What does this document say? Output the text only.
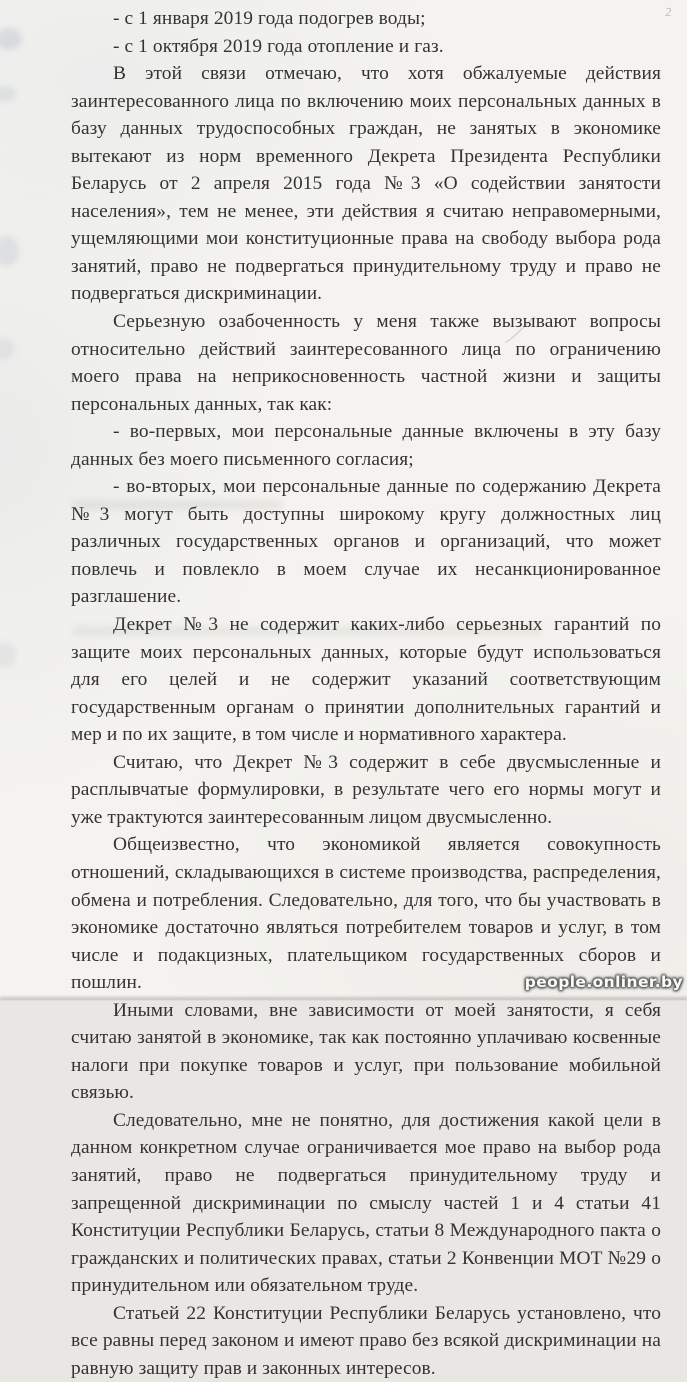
2

- с 1 января 2019 года подогрев воды;

- с 1 октября 2019 года отопление и газ.

В этой связи отмечаю, что хотя обжалуемые действия заинтересованного лица по включению моих персональных данных в базу данных трудоспособных граждан, не занятых в экономике вытекают из норм временного Декрета Президента Республики Беларусь от 2 апреля 2015 года №3 «О содействии занятости населения», тем не менее, эти действия я считаю неправомерными, ущемляющими мои конституционные права на свободу выбора рода занятий, право не подвергаться принудительному труду и право не подвергаться дискриминации.

Серьезную озабоченность у меня также вызывают вопросы относительно действий заинтересованного лица по ограничению моего права на неприкосновенность частной жизни и защиты персональных данных, так как:

- во-первых, мои персональные данные включены в эту базу данных без моего письменного согласия;

- во-вторых, мои персональные данные по содержанию Декрета №3 могут быть доступны широкому кругу должностных лиц различных государственных органов и организаций, что может повлечь и повлекло в моем случае их несанкционированное разглашение.

Декрет №3 не содержит каких-либо серьезных гарантий по защите моих персональных данных, которые будут использоваться для его целей и не содержит указаний соответствующим государственным органам о принятии дополнительных гарантий и мер и по их защите, в том числе и нормативного характера.

Считаю, что Декрет №3 содержит в себе двусмысленные и расплывчатые формулировки, в результате чего его нормы могут и уже трактуются заинтересованным лицом двусмысленно.

Общеизвестно, что экономикой является совокупность отношений, складывающихся в системе производства, распределения, обмена и потребления. Следовательно, для того, что бы участвовать в экономике достаточно являться потребителем товаров и услуг, в том числе и подакцизных, плательщиком государственных сборов и пошлин.

Иными словами, вне зависимости от моей занятости, я себя считаю занятой в экономике, так как постоянно уплачиваю косвенные налоги при покупке товаров и услуг, при пользование мобильной связью.

Следовательно, мне не понятно, для достижения какой цели в данном конкретном случае ограничивается мое право на выбор рода занятий, право не подвергаться принудительному труду и запрещенной дискриминации по смыслу частей 1 и 4 статьи 41 Конституции Республики Беларусь, статьи 8 Международного пакта о гражданских и политических правах, статьи 2 Конвенции МОТ №29 о принудительном или обязательном труде.

Статьей 22 Конституции Республики Беларусь установлено, что все равны перед законом и имеют право без всякой дискриминации на равную защиту прав и законных интересов.

people.onliner.by
